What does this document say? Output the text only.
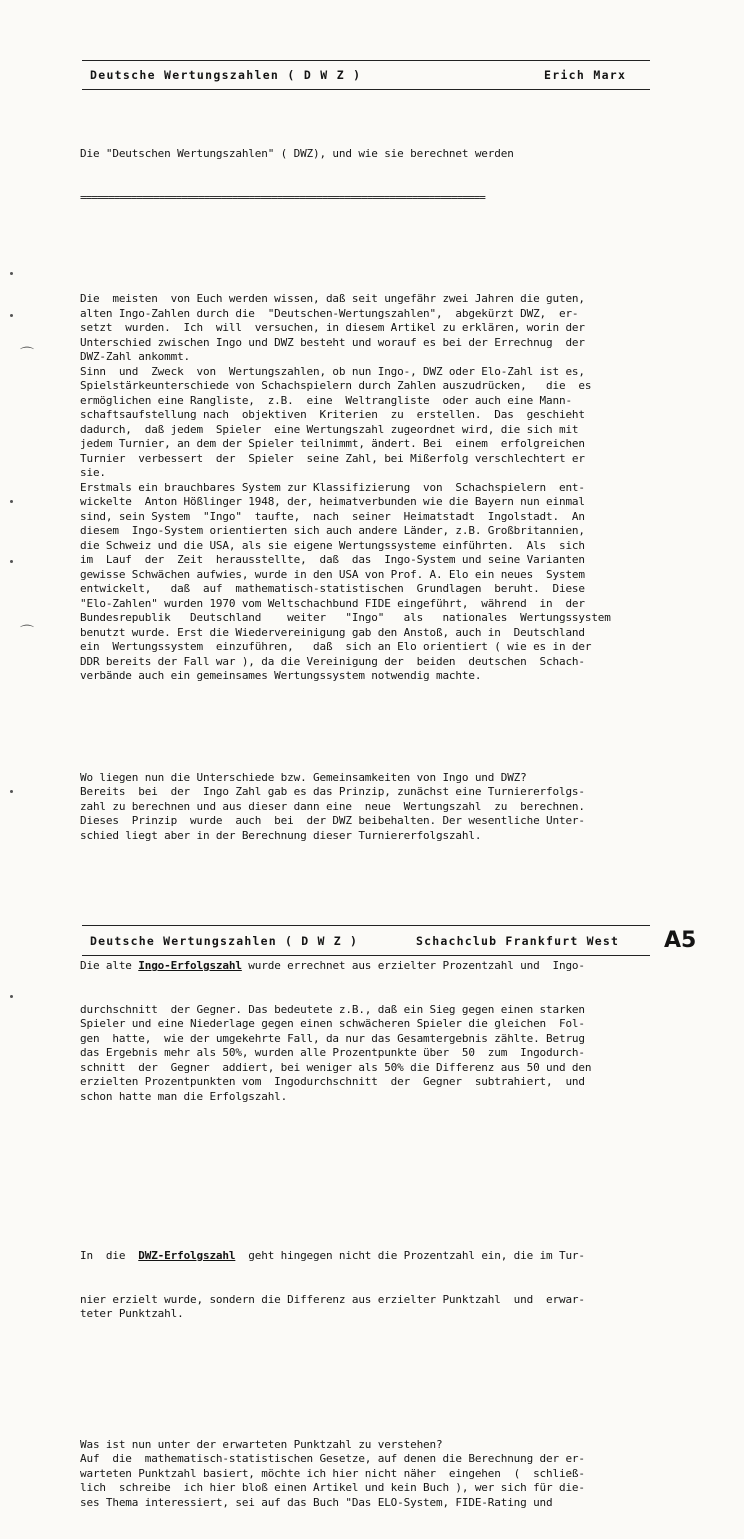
Deutsche Wertungszahlen ( D W Z )	Erich Marx

Die "Deutschen Wertungszahlen" ( DWZ), und wie sie berechnet werden

========================================================================

Die  meisten  von Euch werden wissen, daß seit ungefähr zwei Jahren die guten,
alten Ingo-Zahlen durch die  "Deutschen-Wertungszahlen",  abgekürzt DWZ,  er-
setzt  wurden.  Ich  will  versuchen, in diesem Artikel zu erklären, worin der
Unterschied zwischen Ingo und DWZ besteht und worauf es bei der Errechnug  der
DWZ-Zahl ankommt.
Sinn  und  Zweck  von  Wertungszahlen, ob nun Ingo-, DWZ oder Elo-Zahl ist es,
Spielstärkeunterschiede von Schachspielern durch Zahlen auszudrücken,   die  es
ermöglichen eine Rangliste,  z.B.  eine  Weltrangliste  oder auch eine Mann-
schaftsaufstellung nach  objektiven  Kriterien  zu  erstellen.  Das  geschieht
dadurch,  daß jedem  Spieler  eine Wertungszahl zugeordnet wird, die sich mit
jedem Turnier, an dem der Spieler teilnimmt, ändert. Bei  einem  erfolgreichen
Turnier  verbessert  der  Spieler  seine Zahl, bei Mißerfolg verschlechtert er
sie.
Erstmals ein brauchbares System zur Klassifizierung  von  Schachspielern  ent-
wickelte  Anton Hößlinger 1948, der, heimatverbunden wie die Bayern nun einmal
sind, sein System  "Ingo"  taufte,  nach  seiner  Heimatstadt  Ingolstadt.  An
diesem  Ingo-System orientierten sich auch andere Länder, z.B. Großbritannien,
die Schweiz und die USA, als sie eigene Wertungssysteme einführten.  Als  sich
im  Lauf  der  Zeit  herausstellte,  daß  das  Ingo-System und seine Varianten
gewisse Schwächen aufwies, wurde in den USA von Prof. A. Elo ein neues  System
entwickelt,   daß  auf  mathematisch-statistischen  Grundlagen  beruht.  Diese
"Elo-Zahlen" wurden 1970 vom Weltschachbund FIDE eingeführt,  während  in  der
Bundesrepublik   Deutschland    weiter   "Ingo"   als   nationales  Wertungssystem
benutzt wurde. Erst die Wiedervereinigung gab den Anstoß, auch in  Deutschland
ein  Wertungssystem  einzuführen,   daß  sich an Elo orientiert ( wie es in der
DDR bereits der Fall war ), da die Vereinigung der  beiden  deutschen  Schach-
verbände auch ein gemeinsames Wertungssystem notwendig machte.

Wo liegen nun die Unterschiede bzw. Gemeinsamkeiten von Ingo und DWZ?
Bereits  bei  der  Ingo Zahl gab es das Prinzip, zunächst eine Turniererfolgs-
zahl zu berechnen und aus dieser dann eine  neue  Wertungszahl  zu  berechnen.
Dieses  Prinzip  wurde  auch  bei  der DWZ beibehalten. Der wesentliche Unter-
schied liegt aber in der Berechnung dieser Turniererfolgszahl.

Die alte Ingo-Erfolgszahl wurde errechnet aus erzielter Prozentzahl und  Ingo-

durchschnitt  der Gegner. Das bedeutete z.B., daß ein Sieg gegen einen starken
Spieler und eine Niederlage gegen einen schwächeren Spieler die gleichen  Fol-
gen  hatte,  wie der umgekehrte Fall, da nur das Gesamtergebnis zählte. Betrug
das Ergebnis mehr als 50%, wurden alle Prozentpunkte über  50  zum  Ingodurch-
schnitt  der  Gegner  addiert, bei weniger als 50% die Differenz aus 50 und den
erzielten Prozentpunkten vom  Ingodurchschnitt  der  Gegner  subtrahiert,  und
schon hatte man die Erfolgszahl.

In  die  DWZ-Erfolgszahl  geht hingegen nicht die Prozentzahl ein, die im Tur-

nier erzielt wurde, sondern die Differenz aus erzielter Punktzahl  und  erwar-
teter Punktzahl.

Was ist nun unter der erwarteten Punktzahl zu verstehen?
Auf  die  mathematisch-statistischen Gesetze, auf denen die Berechnung der er-
warteten Punktzahl basiert, möchte ich hier nicht näher  eingehen  (  schließ-
lich  schreibe  ich hier bloß einen Artikel und kein Buch ), wer sich für die-
ses Thema interessiert, sei auf das Buch "Das ELO-System, FIDE-Rating und

Deutsche Wertungszahlen ( D W Z )	Schachclub Frankfurt West A5
⌒
⌒
